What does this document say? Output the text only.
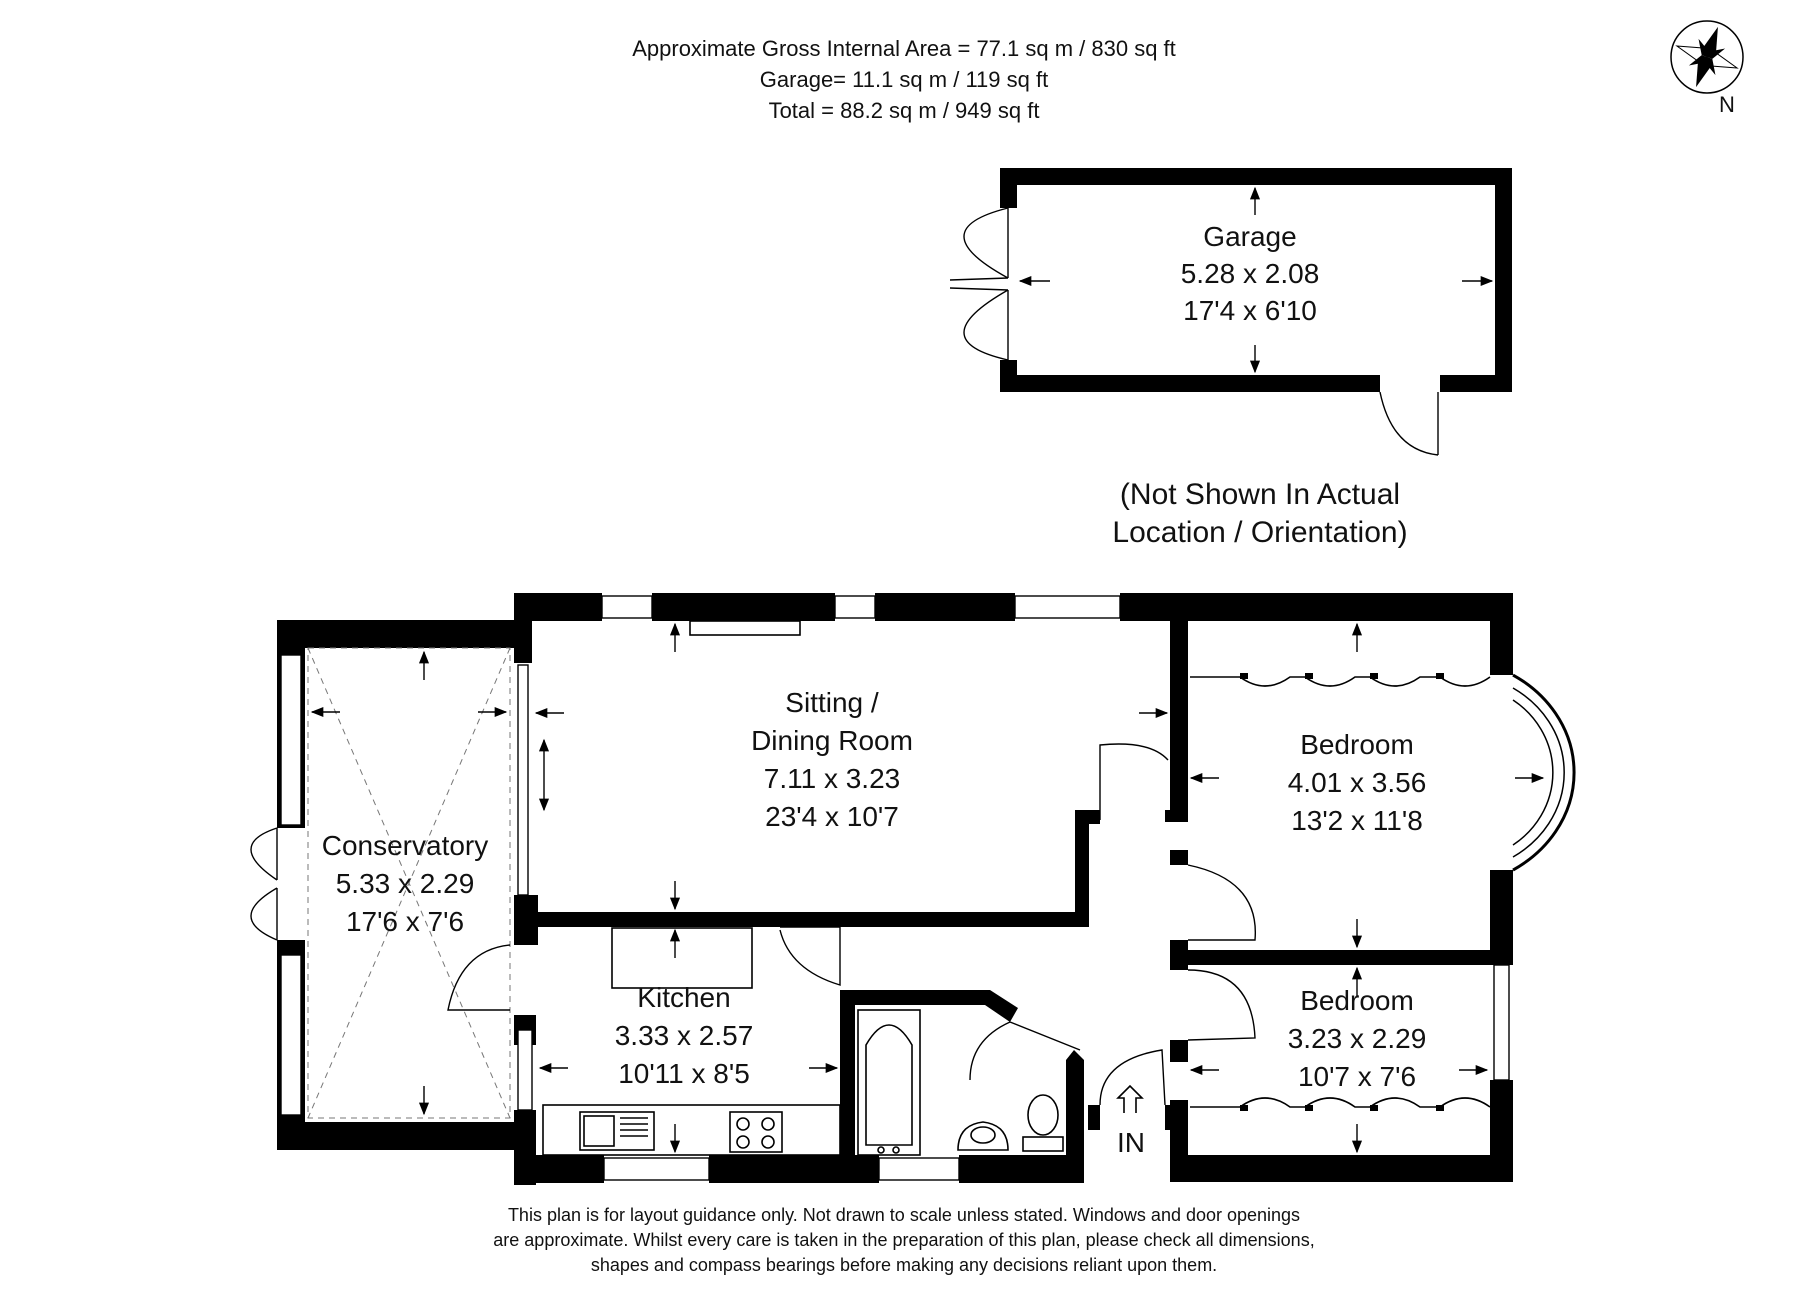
Approximate Gross Internal Area = 77.1 sq m / 830 sq ft
Garage= 11.1 sq m / 119 sq ft
Total = 88.2 sq m / 949 sq ft	N
Garage
5.28 x 2.08
17'4 x 6'10
(Not Shown In Actual
Location / Orientation)
Conservatory
5.33 x 2.29
17'6 x 7'6
Sitting /
Dining Room
7.11 x 3.23
23'4 x 10'7
Kitchen
3.33 x 2.57
10'11 x 8'5
IN
Bedroom
4.01 x 3.56
13'2 x 11'8
Bedroom
3.23 x 2.29
10'7 x 7'6
This plan is for layout guidance only. Not drawn to scale unless stated. Windows and door openings
are approximate. Whilst every care is taken in the preparation of this plan, please check all dimensions,
shapes and compass bearings before making any decisions reliant upon them.
